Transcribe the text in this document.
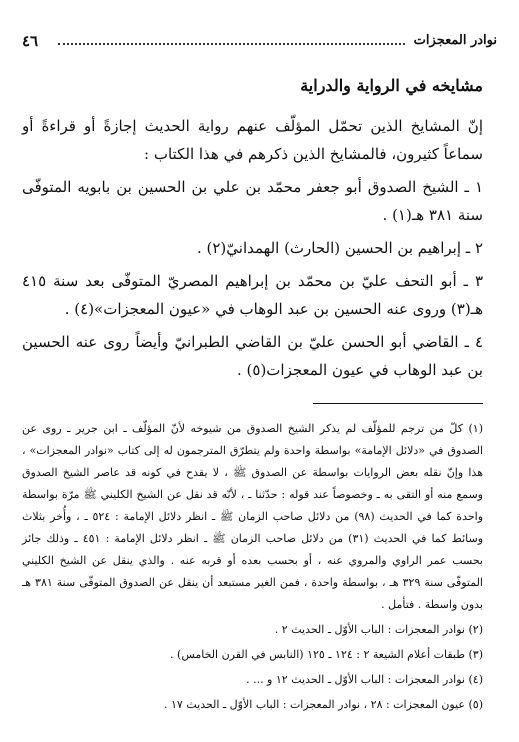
نوادر المعجزات
٤٦
مشايخه في الرواية والدراية

إنّ المشايخ الذين تحمّل المؤلّف عنهم رواية الحديث إجازةً أو قراءةً أو سماعاً كثيرون، فالمشايخ الذين ذكرهم في هذا الكتاب :

١ ـ الشيخ الصدوق أبو جعفر محمّد بن علي بن الحسين بن بابويه المتوفّى سنة ٣٨١ هـ(١) .

٢ ـ إبراهيم بن الحسين (الحارث) الهمدانيّ(٢) .

٣ ـ أبو التحف عليّ بن محمّد بن إبراهيم المصريّ المتوفّى بعد سنة ٤١٥ هـ(٣) وروى عنه الحسين بن عبد الوهاب في «عيون المعجزات»(٤) .

٤ ـ القاضي أبو الحسن عليّ بن القاضي الطبرانيّ وأيضاً روى عنه الحسين بن عبد الوهاب في عيون المعجزات(٥) .

(١) كلّ من ترجم للمؤلّف لم يذكر الشيخ الصدوق من شيوخه لأنّ المؤلّف ـ ابن جرير ـ روى عن الصدوق في «دلائل الإمامة» بواسطة واحدة ولم يتطرّق المترجمون له إلى كتاب «نوادر المعجزات» ، هذا وإنّ نقله بعض الروايات بواسطة عن الصدوق ﷺ ، لا يقدح في كونه قد عاصر الشيخ الصدوق وسمع منه أو التقى به ـ وخصوصاً عند قوله : حدّثنا ـ ، لأنّه قد نقل عن الشيخ الكليني ﷺ مرّة بواسطة واحدة كما في الحديث (٩٨) من دلائل صاحب الزمان ﷺ ـ انظر دلائل الإمامة : ٥٢٤ ـ ، وأُخر بثلاث وسائط كما في الحديث (٣١) من دلائل صاحب الزمان ﷺ ـ انظر دلائل الإمامة : ٤٥١ ـ وذلك جائز بحسب عمر الراوي والمروي عنه ، أو بحسب بعده أو قربه عنه . والذي ينقل عن الشيخ الكليني المتوفّى سنة ٣٢٩ هـ ، بواسطة واحدة ، فمن الغير مستبعد أن ينقل عن الصدوق المتوفّى سنة ٣٨١ هـ بدون واسطة . فتأمل .

(٢) نوادر المعجزات : الباب الأوّل ـ الحديث ٢ .

(٣) طبقات أعلام الشيعة ٢ : ١٢٤ ـ ١٢٥ (النابس في القرن الخامس) .

(٤) نوادر المعجزات : الباب الأوّل ـ الحديث ١٢ و ... .

(٥) عيون المعجزات : ٢٨ ، نوادر المعجزات : الباب الأوّل ـ الحديث ١٧ .
